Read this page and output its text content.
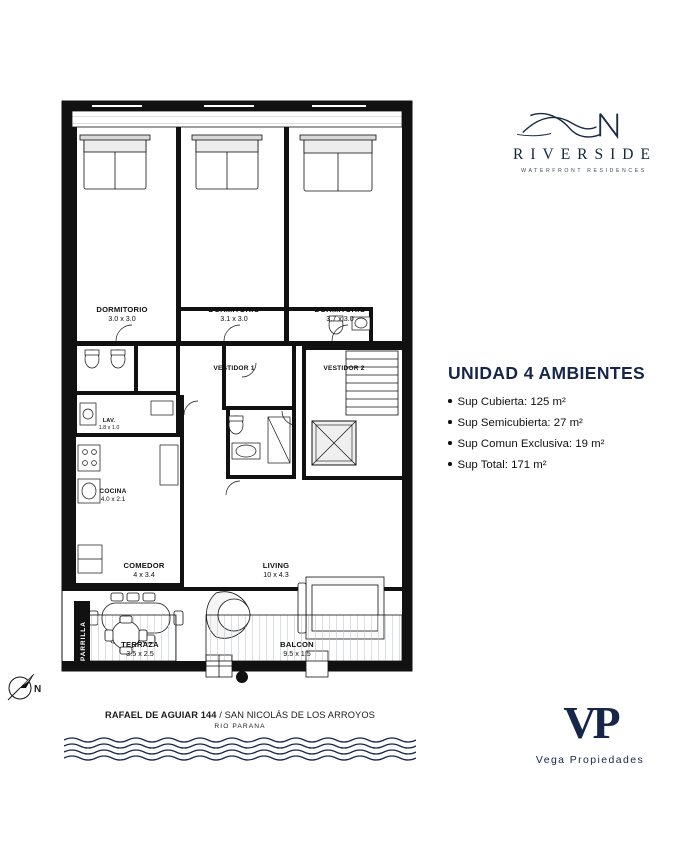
RIVERSIDE
WATERFRONT RESIDENCES
UNIDAD 4 AMBIENTES
Sup Cubierta: 125 m²
Sup Semicubierta: 27 m²
Sup Comun Exclusiva: 19 m²
Sup Total: 171 m²
VP
Vega Propiedades
N
DORMITORIO
3.0 x 3.0
DORMITORIO
3.1 x 3.0
DORMITORIO
3.7 x 3.0
VESTIDOR 1	VESTIDOR 2
LAV.
1.8 x 1.0
COCINA
4.0 x 2.1
COMEDOR
4 x 3.4
LIVING
10 x 4.3
TERRAZA
3.5 x 2.5
BALCON
9.5 x 1.5
PARRILLA
RAFAEL DE AGUIAR 144 / SAN NICOLÁS DE LOS ARROYOS
RIO PARANA
